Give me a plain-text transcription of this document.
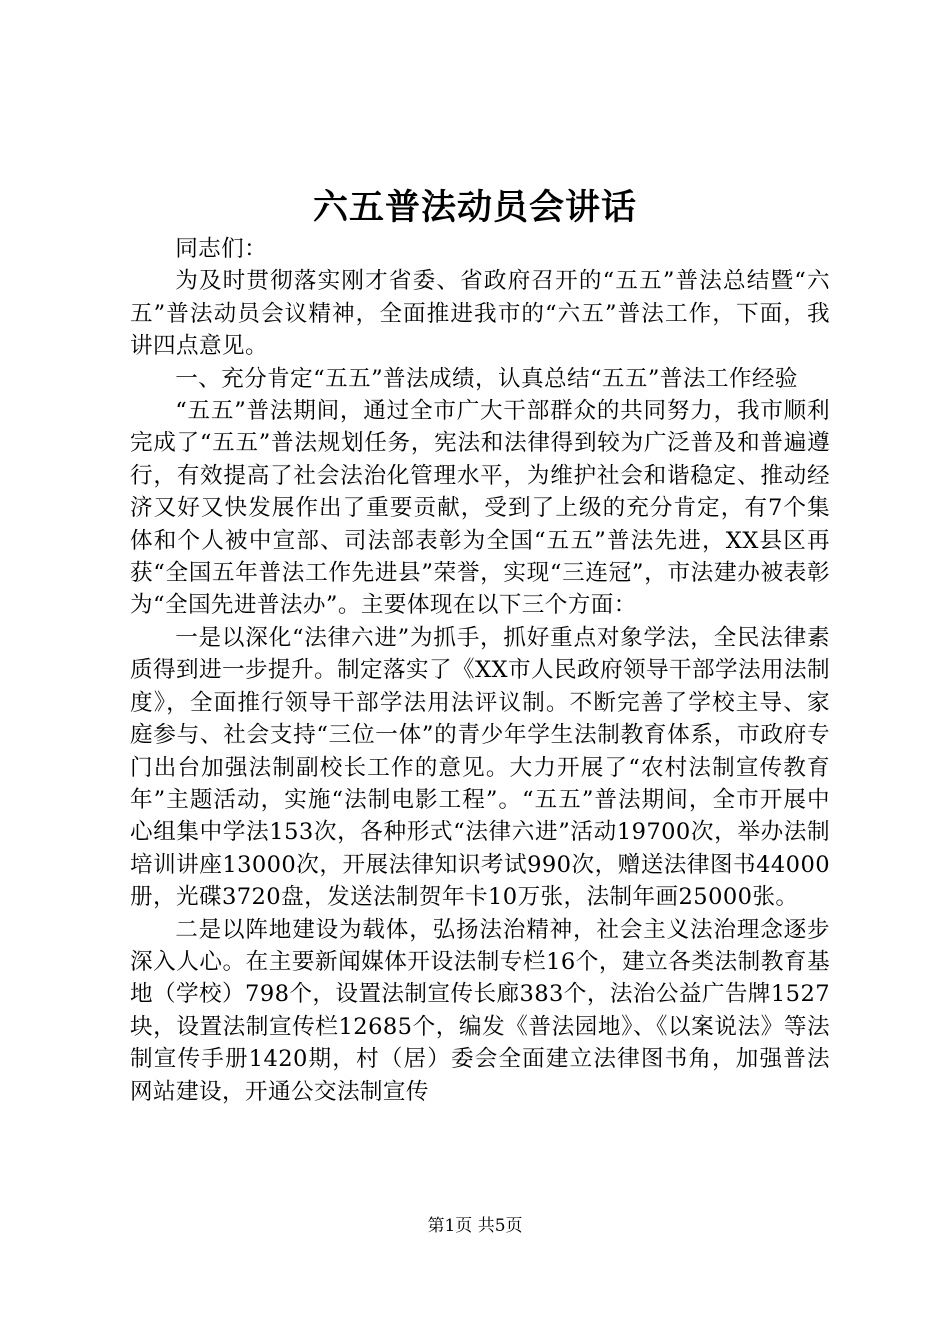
六五普法动员会讲话

同志们：

为及时贯彻落实刚才省委、省政府召开的“五五”普法总结暨“六五”普法动员会议精神，全面推进我市的“六五”普法工作，下面，我讲四点意见。

一、充分肯定“五五”普法成绩，认真总结“五五”普法工作经验

“五五”普法期间，通过全市广大干部群众的共同努力，我市顺利完成了“五五”普法规划任务，宪法和法律得到较为广泛普及和普遍遵行，有效提高了社会法治化管理水平，为维护社会和谐稳定、推动经济又好又快发展作出了重要贡献，受到了上级的充分肯定，有7个集体和个人被中宣部、司法部表彰为全国“五五”普法先进，XX县区再获“全国五年普法工作先进县”荣誉，实现“三连冠”，市法建办被表彰为“全国先进普法办”。主要体现在以下三个方面：

一是以深化“法律六进”为抓手，抓好重点对象学法，全民法律素质得到进一步提升。制定落实了《XX市人民政府领导干部学法用法制度》，全面推行领导干部学法用法评议制。不断完善了学校主导、家庭参与、社会支持“三位一体”的青少年学生法制教育体系，市政府专门出台加强法制副校长工作的意见。大力开展了“农村法制宣传教育年”主题活动，实施“法制电影工程”。“五五”普法期间，全市开展中心组集中学法153次，各种形式“法律六进”活动19700次，举办法制培训讲座13000次，开展法律知识考试990次，赠送法律图书44000册，光碟3720盘，发送法制贺年卡10万张，法制年画25000张。

二是以阵地建设为载体，弘扬法治精神，社会主义法治理念逐步深入人心。在主要新闻媒体开设法制专栏16个，建立各类法制教育基地（学校）798个，设置法制宣传长廊383个，法治公益广告牌1527块，设置法制宣传栏12685个，编发《普法园地》、《以案说法》等法制宣传手册1420期，村（居）委会全面建立法律图书角，加强普法网站建设，开通公交法制宣传

第1页 共5页
